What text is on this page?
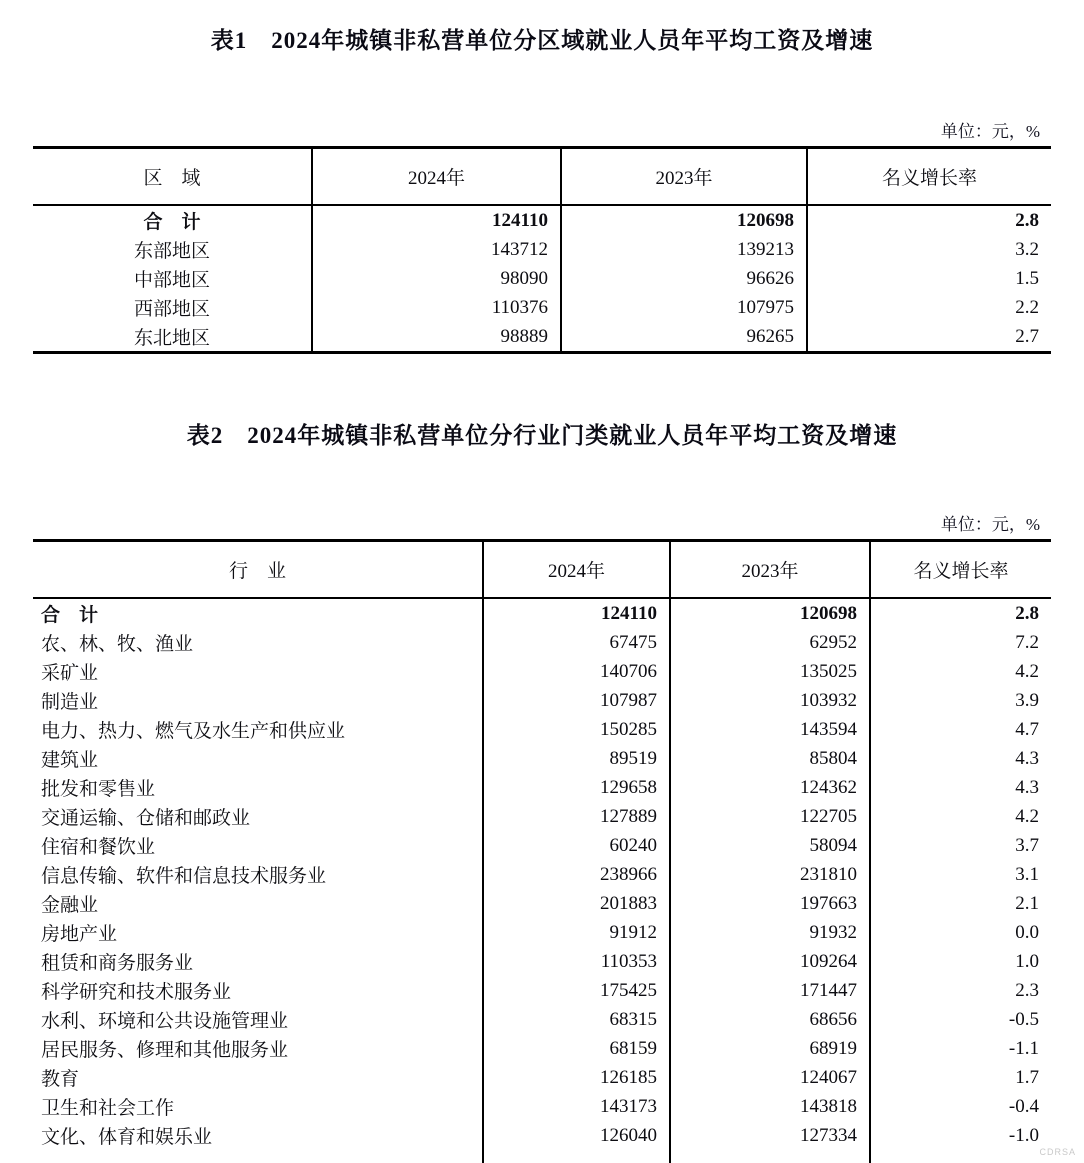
表1　2024年城镇非私营单位分区域就业人员年平均工资及增速
单位：元，%
区　域	2024年	2023年	名义增长率
合　计	124110	120698	2.8
东部地区	143712	139213	3.2
中部地区	98090	96626	1.5
西部地区	110376	107975	2.2
东北地区	98889	96265	2.7
表2　2024年城镇非私营单位分行业门类就业人员年平均工资及增速
单位：元，%
行　业	2024年	2023年	名义增长率
合　计	124110	120698	2.8
农、林、牧、渔业	67475	62952	7.2
采矿业	140706	135025	4.2
制造业	107987	103932	3.9
电力、热力、燃气及水生产和供应业	150285	143594	4.7
建筑业	89519	85804	4.3
批发和零售业	129658	124362	4.3
交通运输、仓储和邮政业	127889	122705	4.2
住宿和餐饮业	60240	58094	3.7
信息传输、软件和信息技术服务业	238966	231810	3.1
金融业	201883	197663	2.1
房地产业	91912	91932	0.0
租赁和商务服务业	110353	109264	1.0
科学研究和技术服务业	175425	171447	2.3
水利、环境和公共设施管理业	68315	68656	-0.5
居民服务、修理和其他服务业	68159	68919	-1.1
教育	126185	124067	1.7
卫生和社会工作	143173	143818	-0.4
文化、体育和娱乐业	126040	127334	-1.0

CDRSA
